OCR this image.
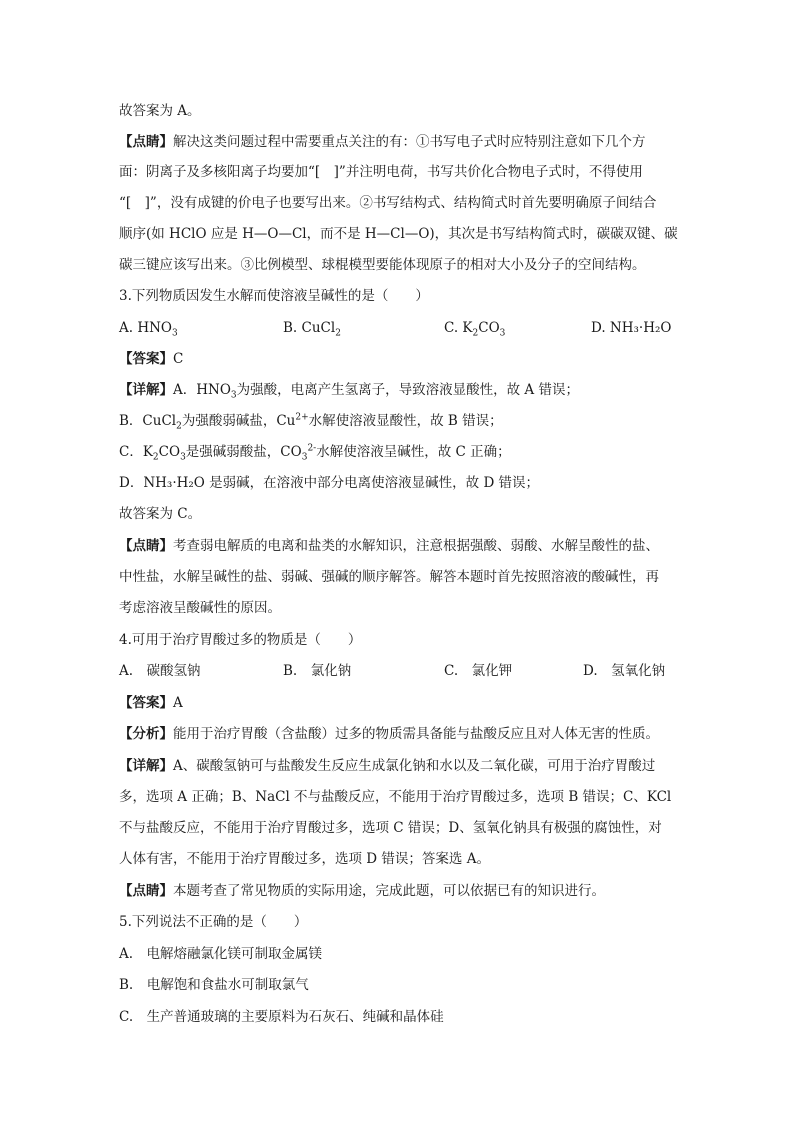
故答案为 A。
【点睛】解决这类问题过程中需要重点关注的有：①书写电子式时应特别注意如下几个方
面：阴离子及多核阳离子均要加“[　]”并注明电荷，书写共价化合物电子式时，不得使用
“[　]”，没有成键的价电子也要写出来。②书写结构式、结构简式时首先要明确原子间结合
顺序(如 HClO 应是 H—O—Cl，而不是 H—Cl—O)，其次是书写结构简式时，碳碳双键、碳
碳三键应该写出来。③比例模型、球棍模型要能体现原子的相对大小及分子的空间结构。
3.下列物质因发生水解而使溶液呈碱性的是（　　）
A. $HNO_3$	B. CuCl$_2$	C. $K_2CO_3$	D. NH₃·H₂O
【答案】C
【详解】A．$HNO_3$为强酸，电离产生氢离子，导致溶液显酸性，故 A 错误；
B．CuCl$_2$为强酸弱碱盐，$Cu^{2+}$水解使溶液显酸性，故 B 错误；
C．$K_2CO_3$是强碱弱酸盐，$CO_3^{2-}$水解使溶液呈碱性，故 C 正确；
D．NH₃·H₂O 是弱碱，在溶液中部分电离使溶液显碱性，故 D 错误；
故答案为 C。
【点睛】考查弱电解质的电离和盐类的水解知识，注意根据强酸、弱酸、水解呈酸性的盐、
中性盐，水解呈碱性的盐、弱碱、强碱的顺序解答。解答本题时首先按照溶液的酸碱性，再
考虑溶液呈酸碱性的原因。
4.可用于治疗胃酸过多的物质是（　　）
A.　碳酸氢钠	B.　氯化钠	C.　氯化钾	D.　氢氧化钠
【答案】A
【分析】能用于治疗胃酸（含盐酸）过多的物质需具备能与盐酸反应且对人体无害的性质。
【详解】A、碳酸氢钠可与盐酸发生反应生成氯化钠和水以及二氧化碳，可用于治疗胃酸过
多，选项 A 正确；B、NaCl 不与盐酸反应，不能用于治疗胃酸过多，选项 B 错误；C、KCl
不与盐酸反应，不能用于治疗胃酸过多，选项 C 错误；D、氢氧化钠具有极强的腐蚀性，对
人体有害，不能用于治疗胃酸过多，选项 D 错误；答案选 A。
【点睛】本题考查了常见物质的实际用途，完成此题，可以依据已有的知识进行。
5.下列说法不正确的是（　　）
A.　电解熔融氯化镁可制取金属镁
B.　电解饱和食盐水可制取氯气
C.　生产普通玻璃的主要原料为石灰石、纯碱和晶体硅
